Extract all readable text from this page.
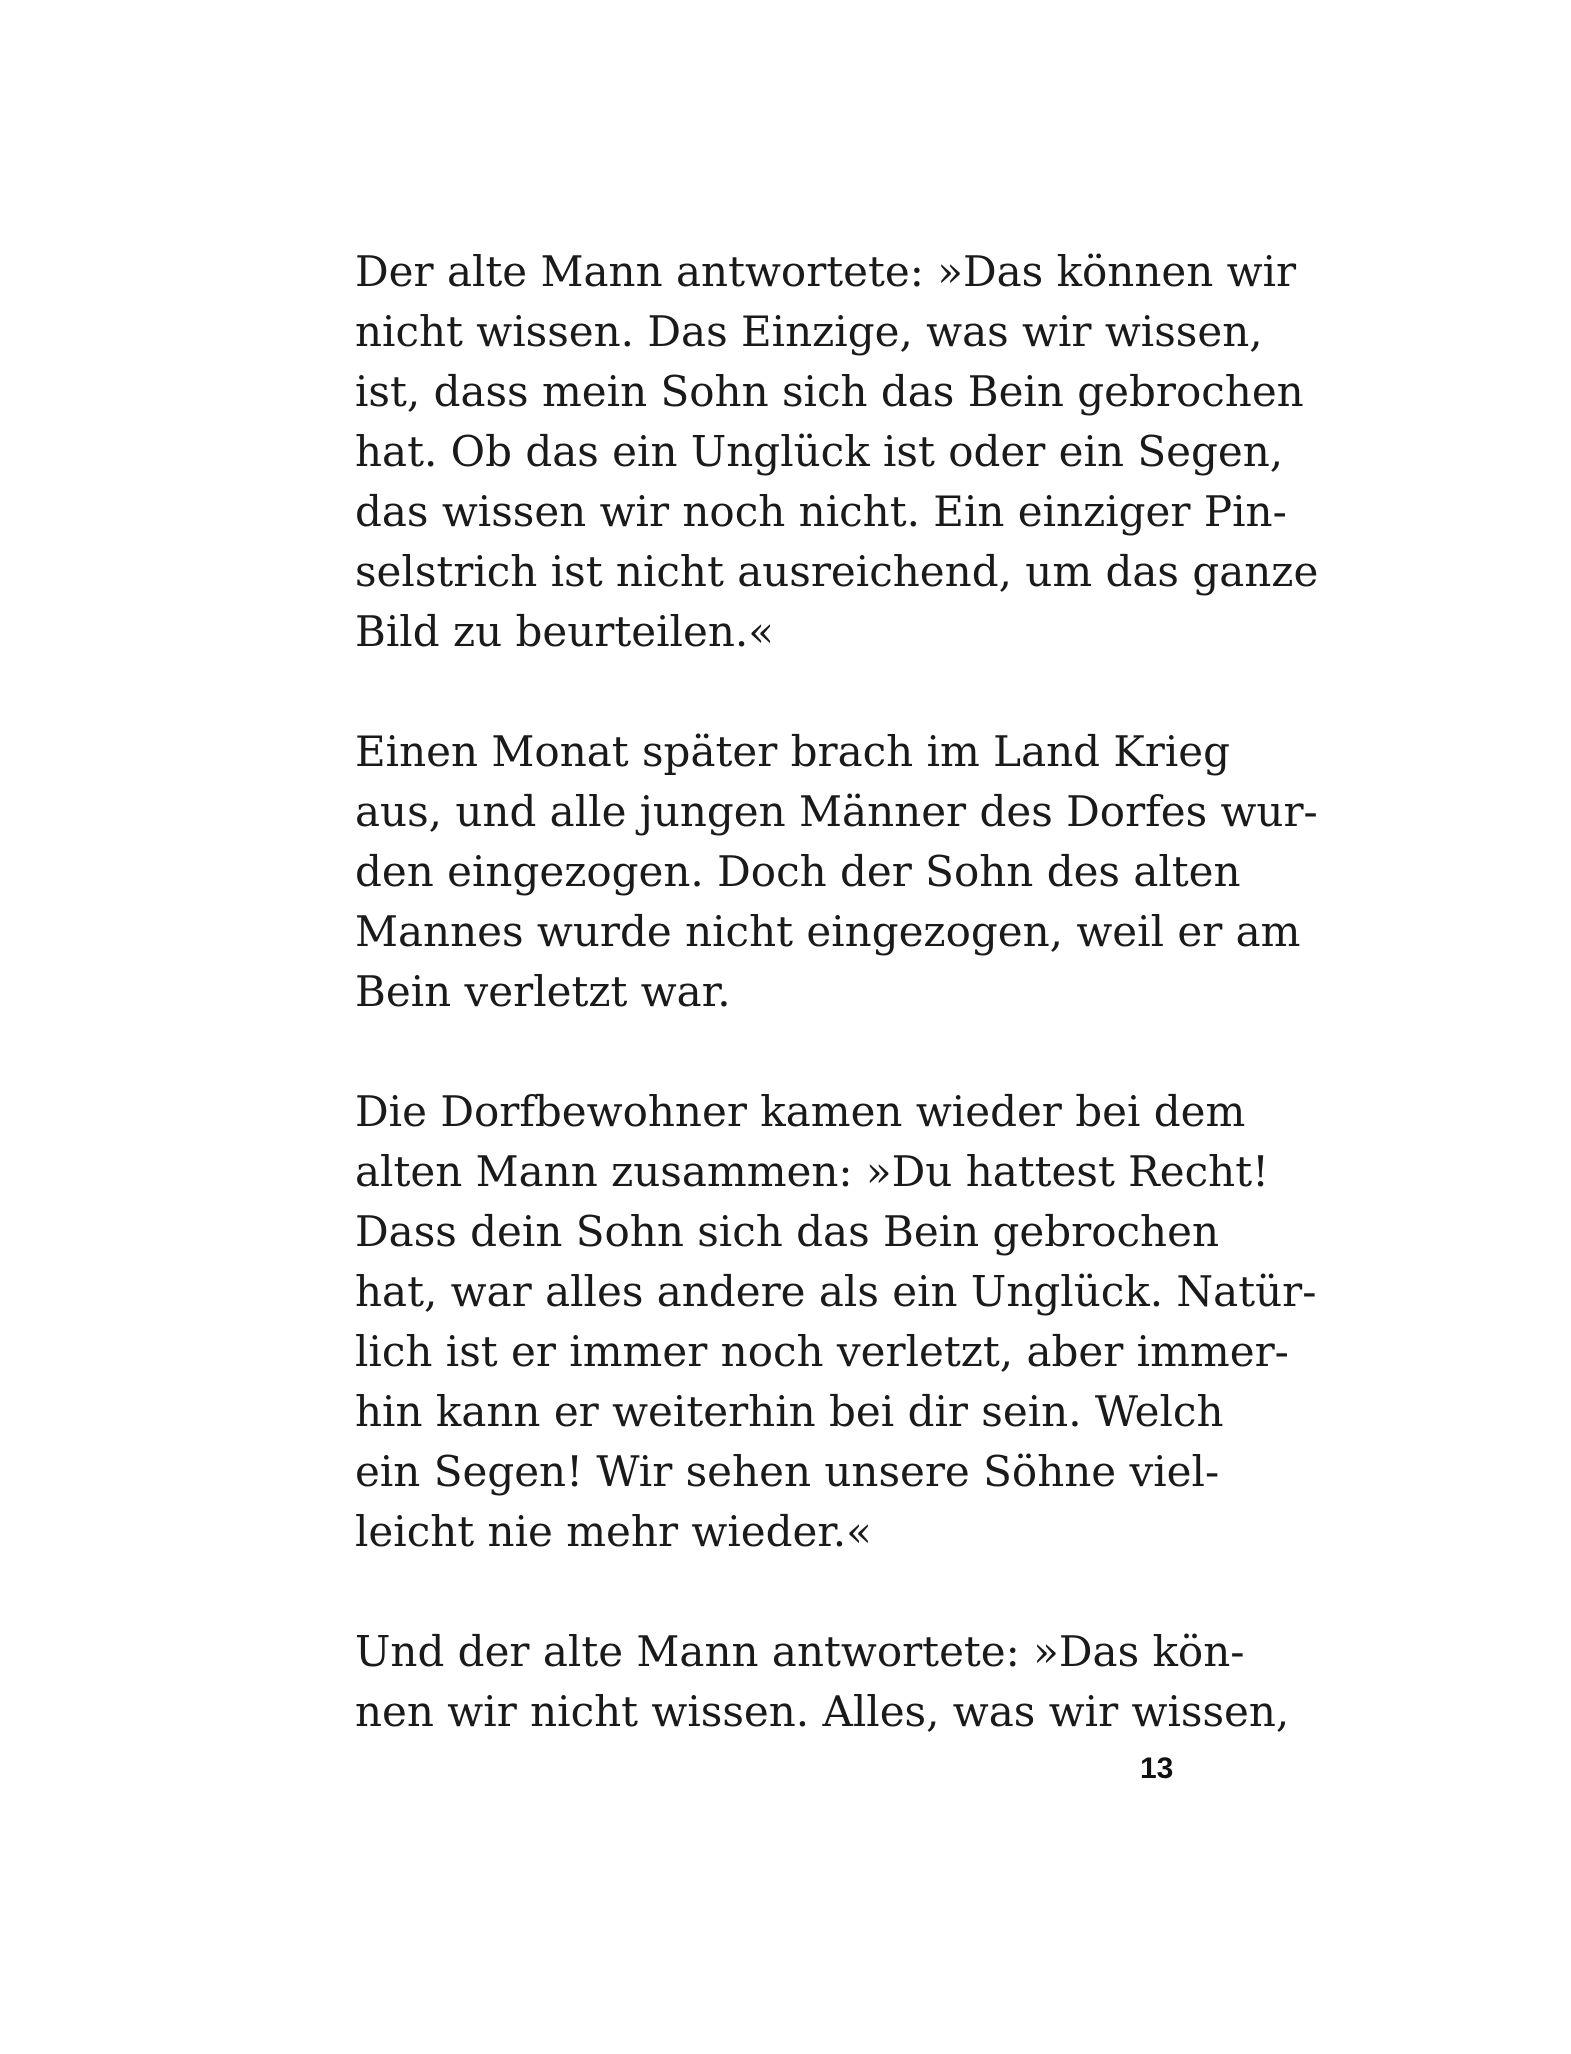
Der alte Mann antwortete: »Das können wir
nicht wissen. Das Einzige, was wir wissen,
ist, dass mein Sohn sich das Bein gebrochen
hat. Ob das ein Unglück ist oder ein Segen,
das wissen wir noch nicht. Ein einziger Pin-
selstrich ist nicht ausreichend, um das ganze
Bild zu beurteilen.«
Einen Monat später brach im Land Krieg
aus, und alle jungen Männer des Dorfes wur-
den eingezogen. Doch der Sohn des alten
Mannes wurde nicht eingezogen, weil er am
Bein verletzt war.
Die Dorfbewohner kamen wieder bei dem
alten Mann zusammen: »Du hattest Recht!
Dass dein Sohn sich das Bein gebrochen
hat, war alles andere als ein Unglück. Natür-
lich ist er immer noch verletzt, aber immer-
hin kann er weiterhin bei dir sein. Welch
ein Segen! Wir sehen unsere Söhne viel-
leicht nie mehr wieder.«
Und der alte Mann antwortete: »Das kön-
nen wir nicht wissen. Alles, was wir wissen,
13
